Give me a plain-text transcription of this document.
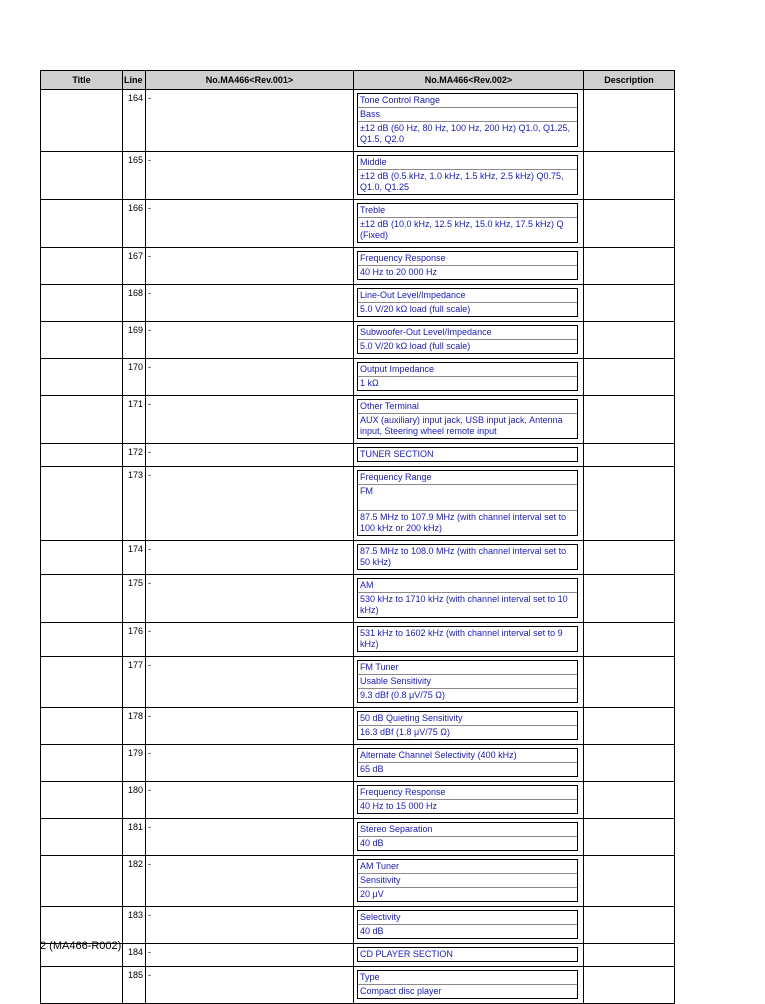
Title	Line	No.MA466<Rev.001>	No.MA466<Rev.002>	Description
	164	-	Tone Control Range
Bass
±12 dB (60 Hz, 80 Hz, 100 Hz, 200 Hz) Q1.0, Q1.25, Q1.5, Q2.0	

	165	-	Middle
±12 dB (0.5 kHz, 1.0 kHz, 1.5 kHz, 2.5 kHz) Q0.75, Q1.0, Q1.25	

	166	-	Treble
±12 dB (10.0 kHz, 12.5 kHz, 15.0 kHz, 17.5 kHz) Q (Fixed)	

	167	-	Frequency Response
40 Hz to 20 000 Hz	

	168	-	Line-Out Level/Impedance
5.0 V/20 kΩ load (full scale)	

	169	-	Subwoofer-Out Level/Impedance
5.0 V/20 kΩ load (full scale)	

	170	-	Output Impedance
1 kΩ	

	171	-	Other Terminal
AUX (auxiliary) input jack, USB input jack, Antenna input, Steering wheel remote input	

	172	-	TUNER SECTION	

	173	-	Frequency Range
FM
87.5 MHz to 107.9 MHz (with channel interval set to 100 kHz or 200 kHz)	

	174	-	87.5 MHz to 108.0 MHz (with channel interval set to 50 kHz)	

	175	-	AM
530 kHz to 1710 kHz (with channel interval set to 10 kHz)	

	176	-	531 kHz to 1602 kHz (with channel interval set to 9 kHz)	

	177	-	FM Tuner
Usable Sensitivity
9.3 dBf (0.8 μV/75 Ω)	

	178	-	50 dB Quieting Sensitivity
16.3 dBf (1.8 μV/75 Ω)	

	179	-	Alternate Channel Selectivity (400 kHz)
65 dB	

	180	-	Frequency Response
40 Hz to 15 000 Hz	

	181	-	Stereo Separation
40 dB	

	182	-	AM Tuner
Sensitivity
20 μV	

	183	-	Selectivity
40 dB	

	184	-	CD PLAYER SECTION	

	185	-	Type
Compact disc player	

2 (MA466-R002)
